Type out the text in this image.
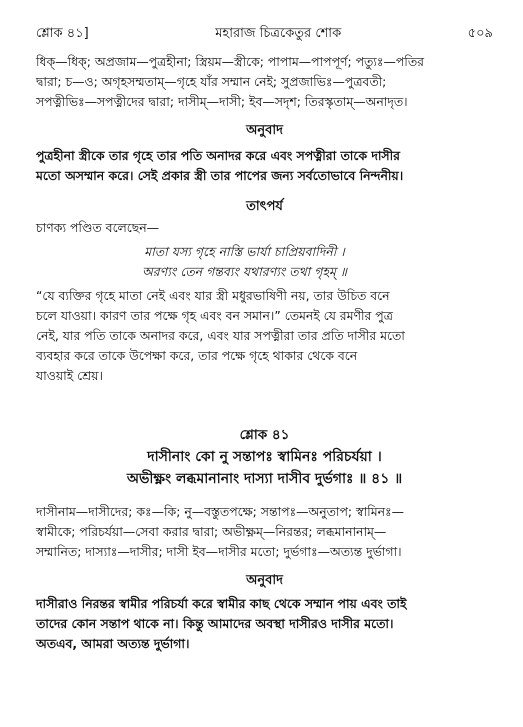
শ্লোক ৪১]	মহারাজ চিত্রকেতুর শোক	৫০৯
ধিক্—ধিক্; অপ্রজাম—পুত্রহীনা; স্ত্রিয়ম—স্ত্রীকে; পাপাম—পাপপূর্ণ; পত্যুঃ—পতির
দ্বারা; চ—ও; অগৃহসম্মতাম্—গৃহে যাঁর সম্মান নেই; সুপ্রজাভিঃ—পুত্রবতী;
সপত্নীভিঃ—সপত্নীদের দ্বারা; দাসীম্—দাসী; ইব—সদৃশ; তিরস্কৃতাম্—অনাদৃত।
অনুবাদ
পুত্রহীনা স্ত্রীকে তার গৃহে তার পতি অনাদর করে এবং সপত্নীরা তাকে দাসীর
মতো অসম্মান করে। সেই প্রকার স্ত্রী তার পাপের জন্য সর্বতোভাবে নিন্দনীয়।
তাৎপর্য
চাণক্য পণ্ডিত বলেছেন—
মাতা যস্য গৃহে নাস্তি ভার্যা চাপ্রিয়বাদিনী ।
অরণ্যং তেন গন্তব্যং যথারণ্যং তথা গৃহম্ ॥
“যে ব্যক্তির গৃহে মাতা নেই এবং যার স্ত্রী মধুরভাষিণী নয়, তার উচিত বনে
চলে যাওয়া। কারণ তার পক্ষে গৃহ এবং বন সমান।” তেমনই যে রমণীর পুত্র
নেই, যার পতি তাকে অনাদর করে, এবং যার সপত্নীরা তার প্রতি দাসীর মতো
ব্যবহার করে তাকে উপেক্ষা করে, তার পক্ষে গৃহে থাকার থেকে বনে
যাওয়াই শ্রেয়।
শ্লোক ৪১
দাসীনাং কো নু সন্তাপঃ স্বামিনঃ পরিচর্যয়া ।
অভীক্ষ্ণং লব্ধমানানাং দাস্যা দাসীব দুর্ভগাঃ ॥ ৪১ ॥
দাসীনাম—দাসীদের; কঃ—কি; নু—বস্তুতপক্ষে; সন্তাপঃ—অনুতাপ; স্বামিনঃ—
স্বামীকে; পরিচর্যয়া—সেবা করার দ্বারা; অভীক্ষ্ণম্—নিরন্তর; লব্ধমানানাম্—
সম্মানিত; দাস্যাঃ—দাসীর; দাসী ইব—দাসীর মতো; দুর্ভগাঃ—অত্যন্ত দুর্ভাগা।
অনুবাদ
দাসীরাও নিরন্তর স্বামীর পরিচর্যা করে স্বামীর কাছ থেকে সম্মান পায় এবং তাই
তাদের কোন সন্তাপ থাকে না। কিন্তু আমাদের অবস্থা দাসীরও দাসীর মতো।
অতএব, আমরা অত্যন্ত দুর্ভাগা।
